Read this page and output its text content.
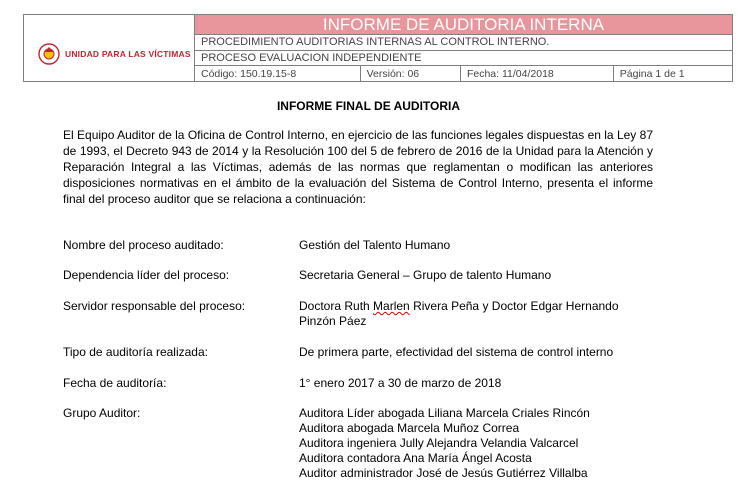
UNIDAD PARA LAS VÍCTIMAS	INFORME DE AUDITORIA INTERNA			
	PROCEDIMIENTO AUDITORIAS INTERNAS AL CONTROL INTERNO.			
	PROCESO EVALUACION INDEPENDIENTE			
	Código: 150.19.15-8	Versión: 06	Fecha: 11/04/2018	Página 1 de 1
INFORME FINAL DE AUDITORIA
El Equipo Auditor de la Oficina de Control Interno, en ejercicio de las funciones legales dispuestas en la Ley 87 de 1993, el Decreto 943 de 2014 y la Resolución 100 del 5 de febrero de 2016 de la Unidad para la Atención y Reparación Integral a las Víctimas, además de las normas que reglamentan o modifican las anteriores disposiciones normativas en el ámbito de la evaluación del Sistema de Control Interno, presenta el informe final del proceso auditor que se relaciona a continuación:
Nombre del proceso auditado:	Gestión del Talento Humano
Dependencia líder del proceso:	Secretaria General – Grupo de talento Humano
Servidor responsable del proceso:	Doctora Ruth Marlen Rivera Peña y Doctor Edgar Hernando
Pinzón Páez
Tipo de auditoría realizada:	De primera parte, efectividad del sistema de control interno
Fecha de auditoría:	1° enero 2017 a 30 de marzo de 2018
Grupo Auditor:	Auditora Líder abogada Liliana Marcela Criales Rincón
Auditora abogada Marcela Muñoz Correa
Auditora ingeniera Jully Alejandra Velandia Valcarcel
Auditora contadora Ana María Ángel Acosta
Auditor administrador José de Jesús Gutiérrez Villalba
